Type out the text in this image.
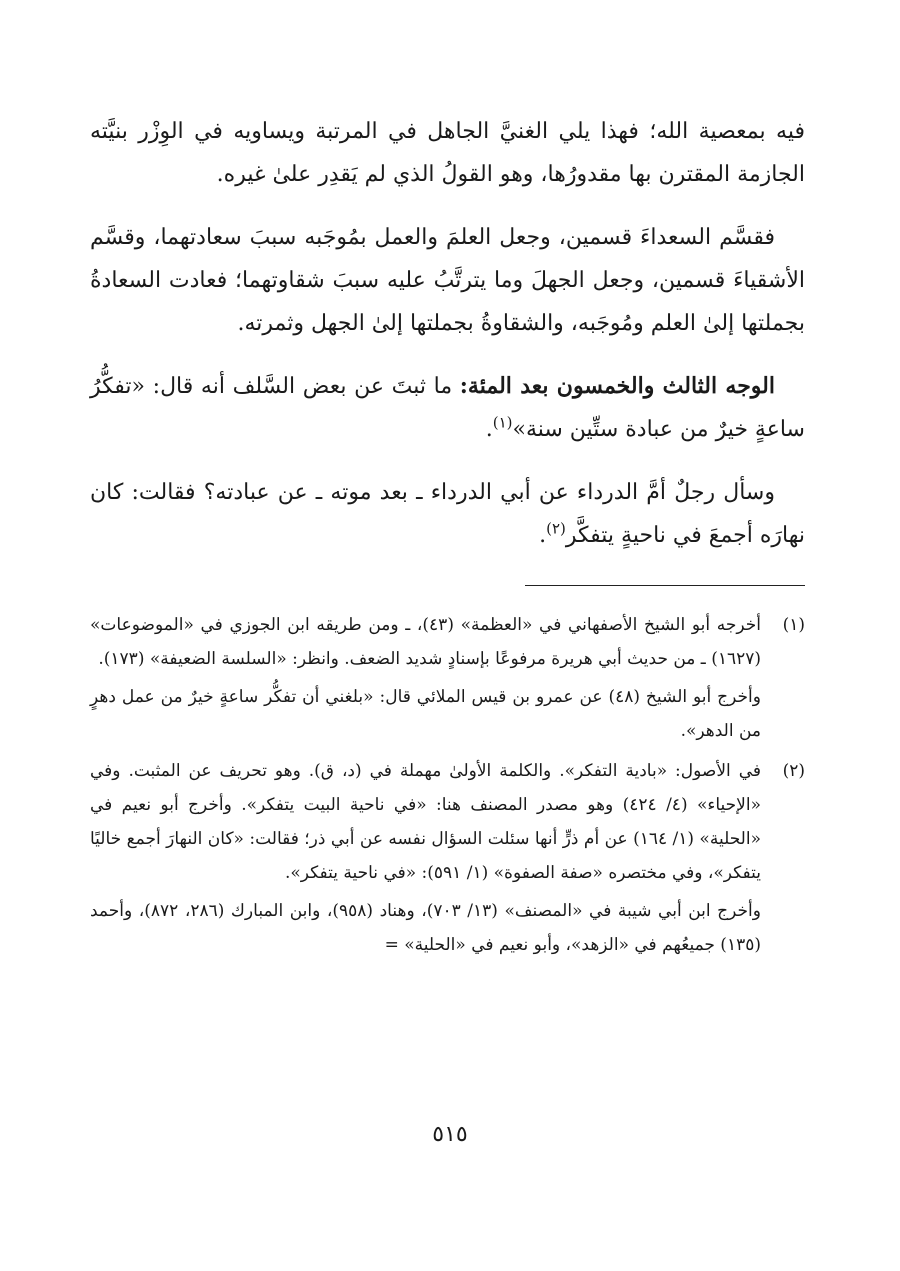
فيه بمعصية الله؛ فهذا يلي الغنيَّ الجاهل في المرتبة ويساويه في الوِزْر بنيَّته الجازمة المقترن بها مقدورُها، وهو القولُ الذي لم يَقدِر علىٰ غيره.

فقسَّم السعداءَ قسمين، وجعل العلمَ والعمل بمُوجَبه سببَ سعادتهما، وقسَّم الأشقياءَ قسمين، وجعل الجهلَ وما يترتَّبُ عليه سببَ شقاوتهما؛ فعادت السعادةُ بجملتها إلىٰ العلم ومُوجَبه، والشقاوةُ بجملتها إلىٰ الجهل وثمرته.

الوجه الثالث والخمسون بعد المئة: ما ثبتَ عن بعض السَّلف أنه قال: «تفكُّرُ ساعةٍ خيرٌ من عبادة ستِّين سنة»$^{(١)}$.

وسأل رجلٌ أمَّ الدرداء عن أبي الدرداء ـ بعد موته ـ عن عبادته؟ فقالت: كان نهارَه أجمعَ في ناحيةٍ يتفكَّر$^{(٢)}$.

(١)

أخرجه أبو الشيخ الأصفهاني في «العظمة» (٤٣)، ـ ومن طريقه ابن الجوزي في «الموضوعات» (١٦٢٧) ـ من حديث أبي هريرة مرفوعًا بإسنادٍ شديد الضعف. وانظر: «السلسة الضعيفة» (١٧٣).

وأخرج أبو الشيخ (٤٨) عن عمرو بن قيس الملائي قال: «بلغني أن تفكُّر ساعةٍ خيرٌ من عمل دهرٍ من الدهر».

(٢)

في الأصول: «بادية التفكر». والكلمة الأولىٰ مهملة في (د، ق). وهو تحريف عن المثبت. وفي «الإحياء» (٤/ ٤٢٤) وهو مصدر المصنف هنا: «في ناحية البيت يتفكر». وأخرج أبو نعيم في «الحلية» (١/ ١٦٤) عن أم ذرٍّ أنها سئلت السؤال نفسه عن أبي ذر؛ فقالت: «كان النهارَ أجمع خاليًا يتفكر»، وفي مختصره «صفة الصفوة» (١/ ٥٩١): «في ناحية يتفكر».

وأخرج ابن أبي شيبة في «المصنف» (١٣/ ٧٠٣)، وهناد (٩٥٨)، وابن المبارك (٢٨٦، ٨٧٢)، وأحمد (١٣٥) جميعُهم في «الزهد»، وأبو نعيم في «الحلية» =

٥١٥
